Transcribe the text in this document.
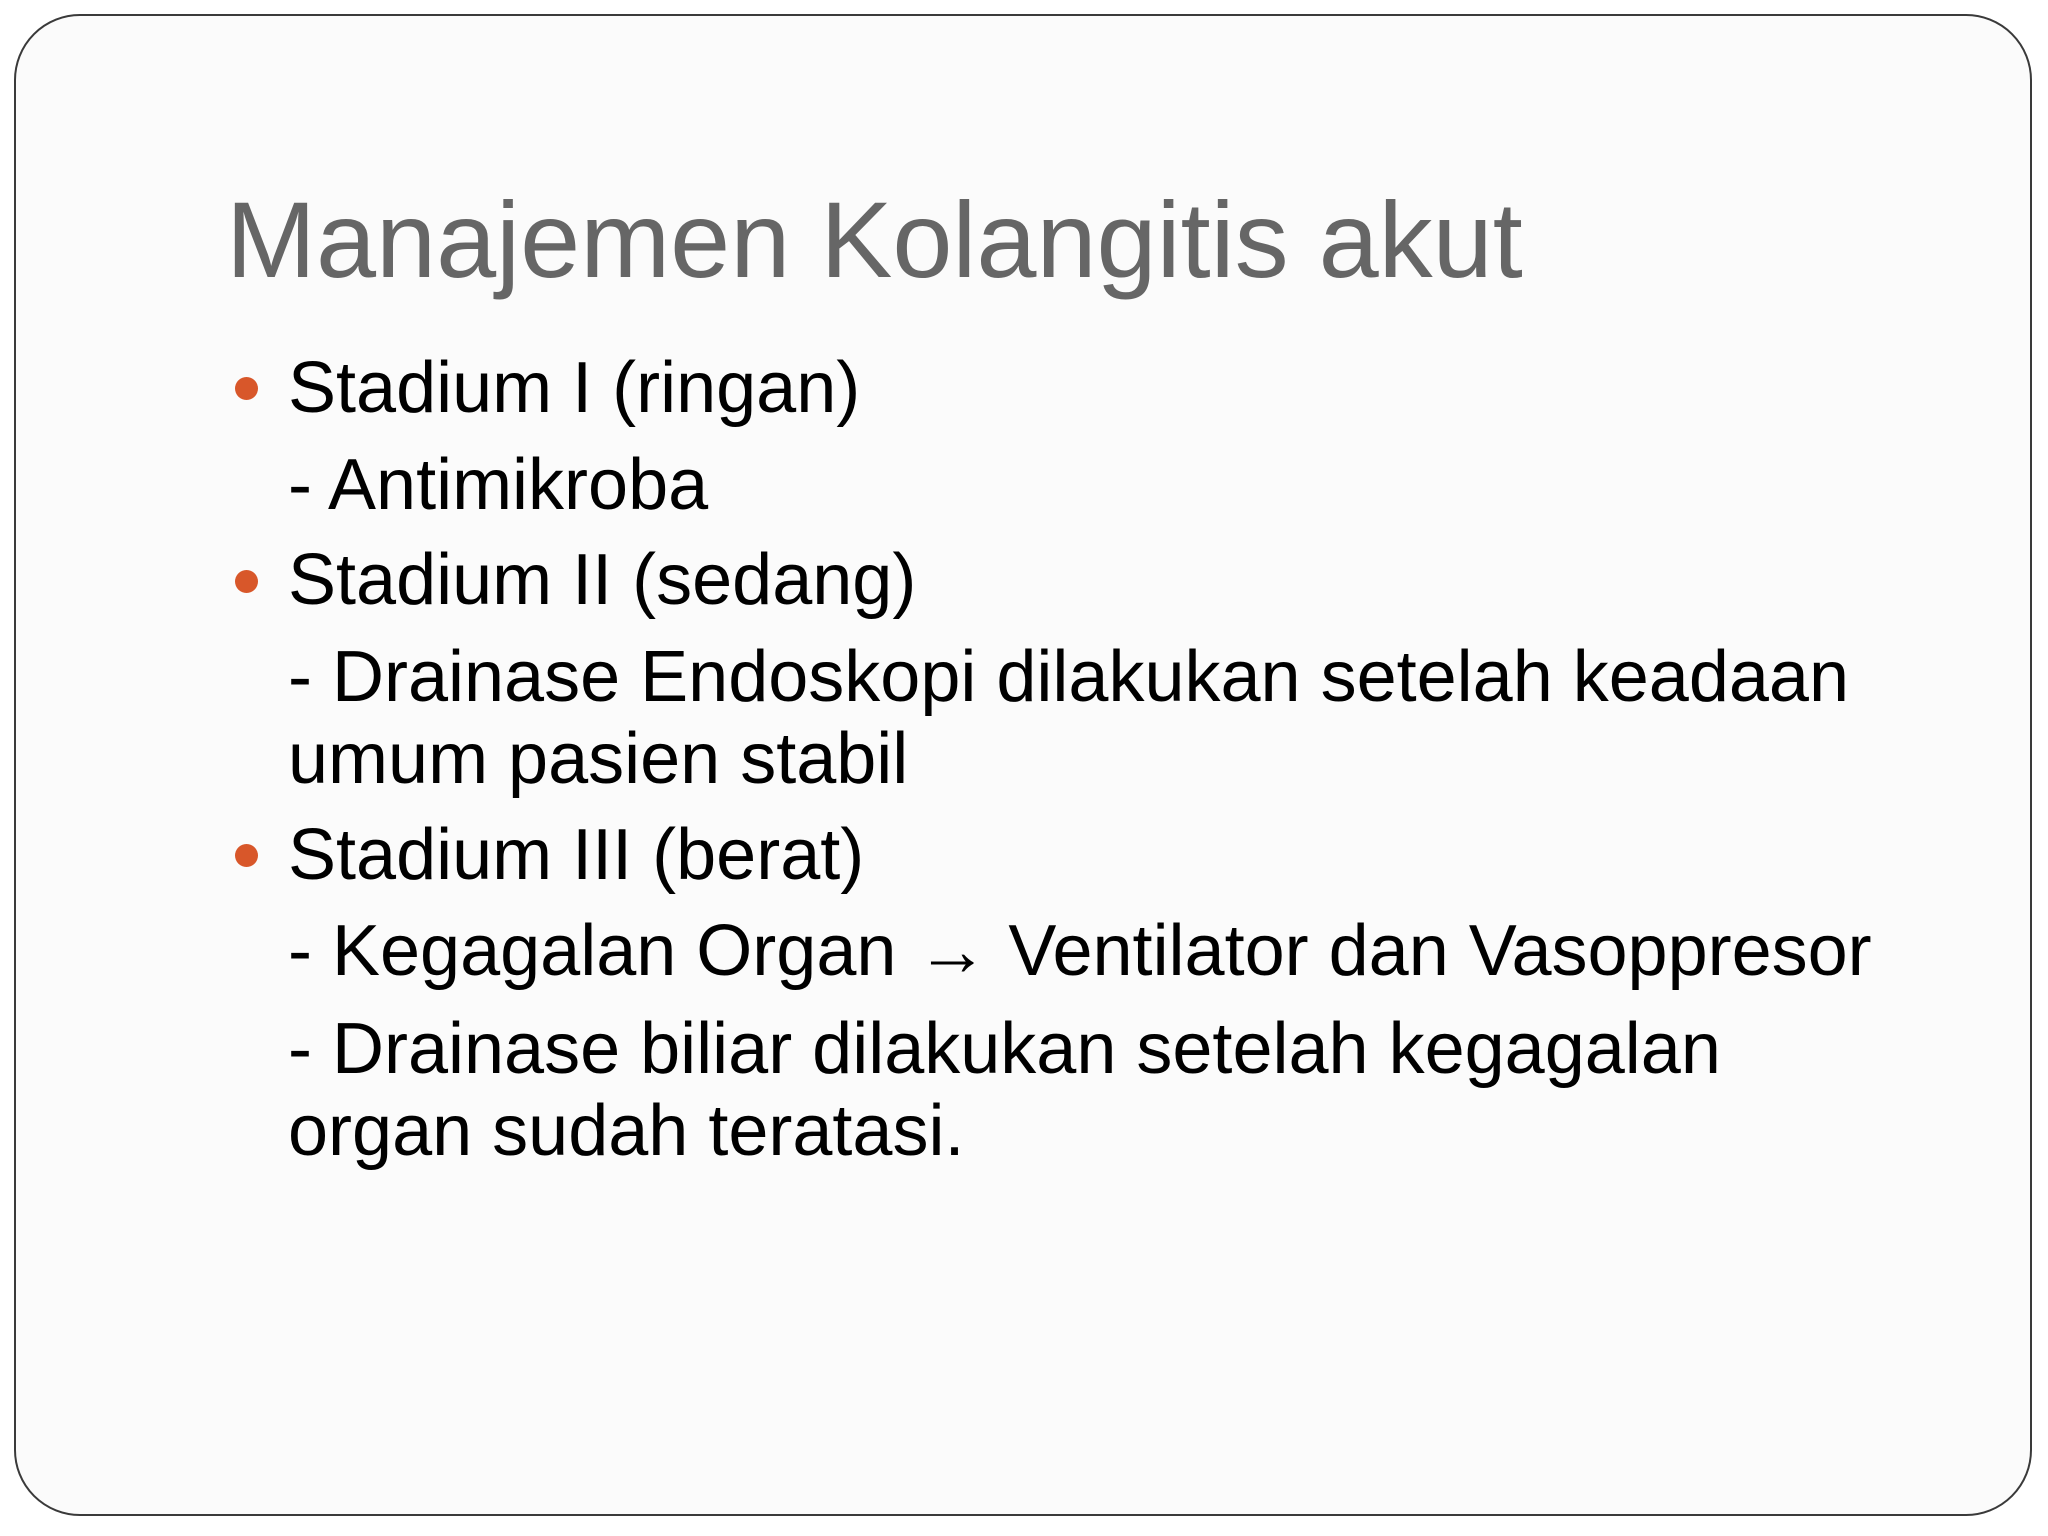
Manajemen Kolangitis akut
Stadium I (ringan)
- Antimikroba
Stadium II (sedang)
- Drainase Endoskopi dilakukan setelah keadaan
umum pasien stabil
Stadium III (berat)
- Kegagalan Organ → Ventilator dan Vasoppresor
- Drainase biliar dilakukan setelah kegagalan
organ sudah teratasi.
